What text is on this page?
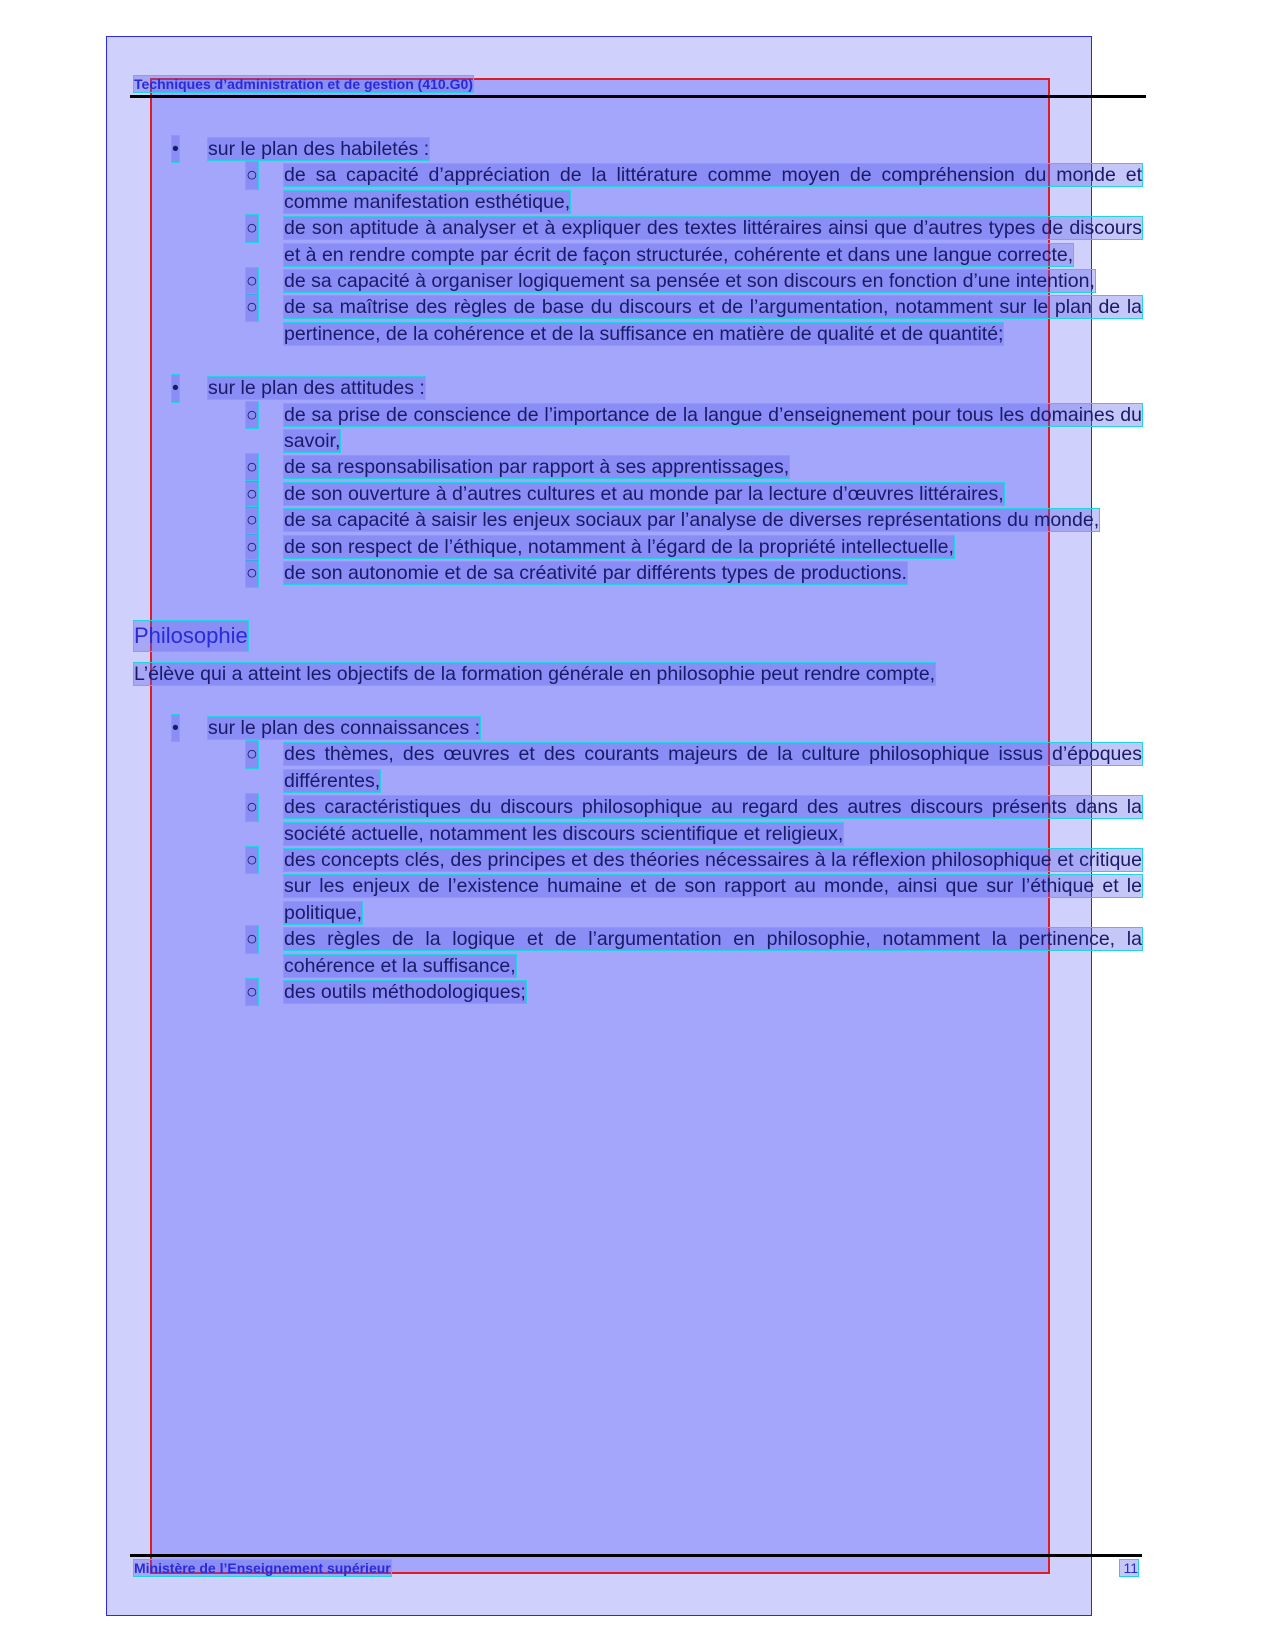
Techniques d’administration et de gestion (410.G0)
• sur le plan des habiletés :
○ de sa capacité d’appréciation de la littérature comme moyen de compréhension du monde et comme manifestation esthétique,
○ de son aptitude à analyser et à expliquer des textes littéraires ainsi que d’autres types de discours et à en rendre compte par écrit de façon structurée, cohérente et dans une langue correcte,
○ de sa capacité à organiser logiquement sa pensée et son discours en fonction d’une intention,
○ de sa maîtrise des règles de base du discours et de l’argumentation, notamment sur le plan de la pertinence, de la cohérence et de la suffisance en matière de qualité et de quantité;
• sur le plan des attitudes :
○ de sa prise de conscience de l’importance de la langue d’enseignement pour tous les domaines du savoir,
○ de sa responsabilisation par rapport à ses apprentissages,
○ de son ouverture à d’autres cultures et au monde par la lecture d’œuvres littéraires,
○ de sa capacité à saisir les enjeux sociaux par l’analyse de diverses représentations du monde,
○ de son respect de l’éthique, notamment à l’égard de la propriété intellectuelle,
○ de son autonomie et de sa créativité par différents types de productions.
Philosophie
L’élève qui a atteint les objectifs de la formation générale en philosophie peut rendre compte,
• sur le plan des connaissances :
○ des thèmes, des œuvres et des courants majeurs de la culture philosophique issus d’époques différentes,
○ des caractéristiques du discours philosophique au regard des autres discours présents dans la société actuelle, notamment les discours scientifique et religieux,
○ des concepts clés, des principes et des théories nécessaires à la réflexion philosophique et critique sur les enjeux de l’existence humaine et de son rapport au monde, ainsi que sur l’éthique et le politique,
○ des règles de la logique et de l’argumentation en philosophie, notamment la pertinence, la cohérence et la suffisance,
○ des outils méthodologiques;
Ministère de l’Enseignement supérieur	11
